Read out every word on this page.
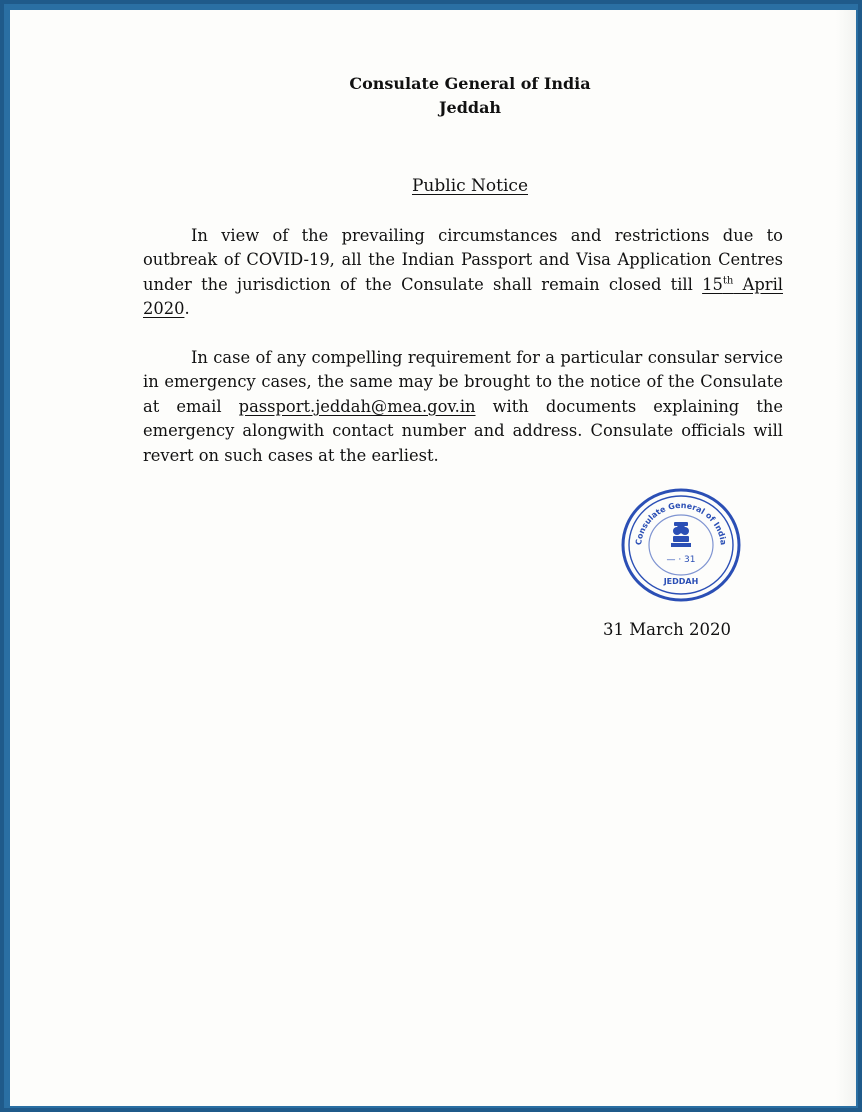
Consulate General of India
Jeddah
Public Notice

In view of the prevailing circumstances and restrictions due to outbreak of COVID-19, all the Indian Passport and Visa Application Centres under the jurisdiction of the Consulate shall remain closed till 15th April 2020.

In case of any compelling requirement for a particular consular service in emergency cases, the same may be brought to the notice of the Consulate at email passport.jeddah@mea.gov.in with documents explaining the emergency alongwith contact number and address. Consulate officials will revert on such cases at the earliest.

Consulate General of India
— · 31
JEDDAH
31 March 2020
